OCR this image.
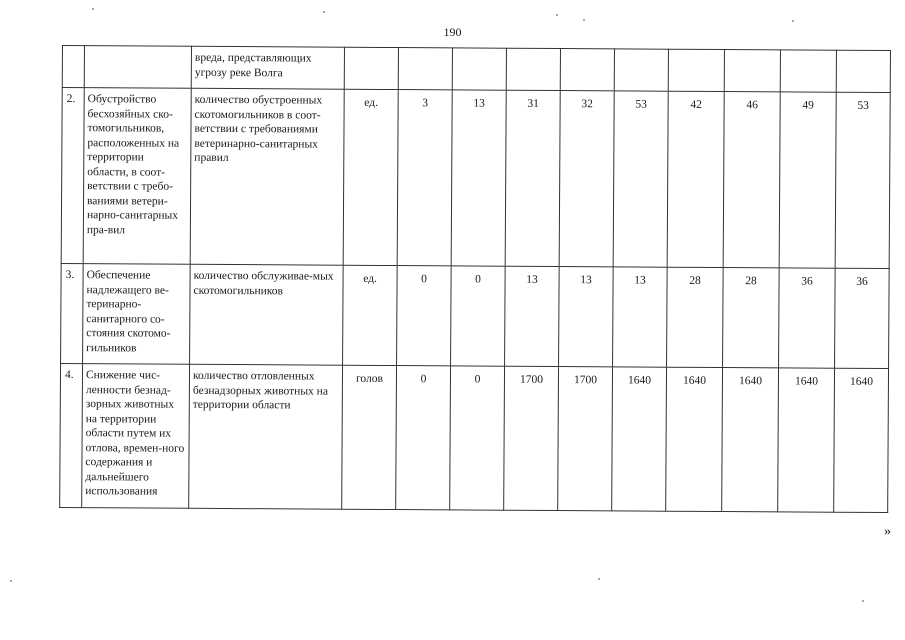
190
		вреда, представляющих угрозу реке Волга										
2.	Обустройство бесхозяйных ско-томогильников, расположенных на территории области, в соот-ветствии с требо-ваниями ветери-нарно-санитарных пра-вил	количество обустроенных скотомогильников в соот-ветствии с требованиями ветеринарно-санитарных правил	ед.	3	13	31	32	53	42	46	49	53
3.	Обеспечение надлежащего ве-теринарно-санитарного со-стояния скотомо-гильников	количество обслуживае-мых скотомогильников	ед.	0	0	13	13	13	28	28	36	36
4.	Снижение чис-ленности безнад-зорных животных на территории области путем их отлова, времен-ного содержания и дальнейшего использования	количество отловленных безнадзорных животных на территории области	голов	0	0	1700	1700	1640	1640	1640	1640	1640
»
